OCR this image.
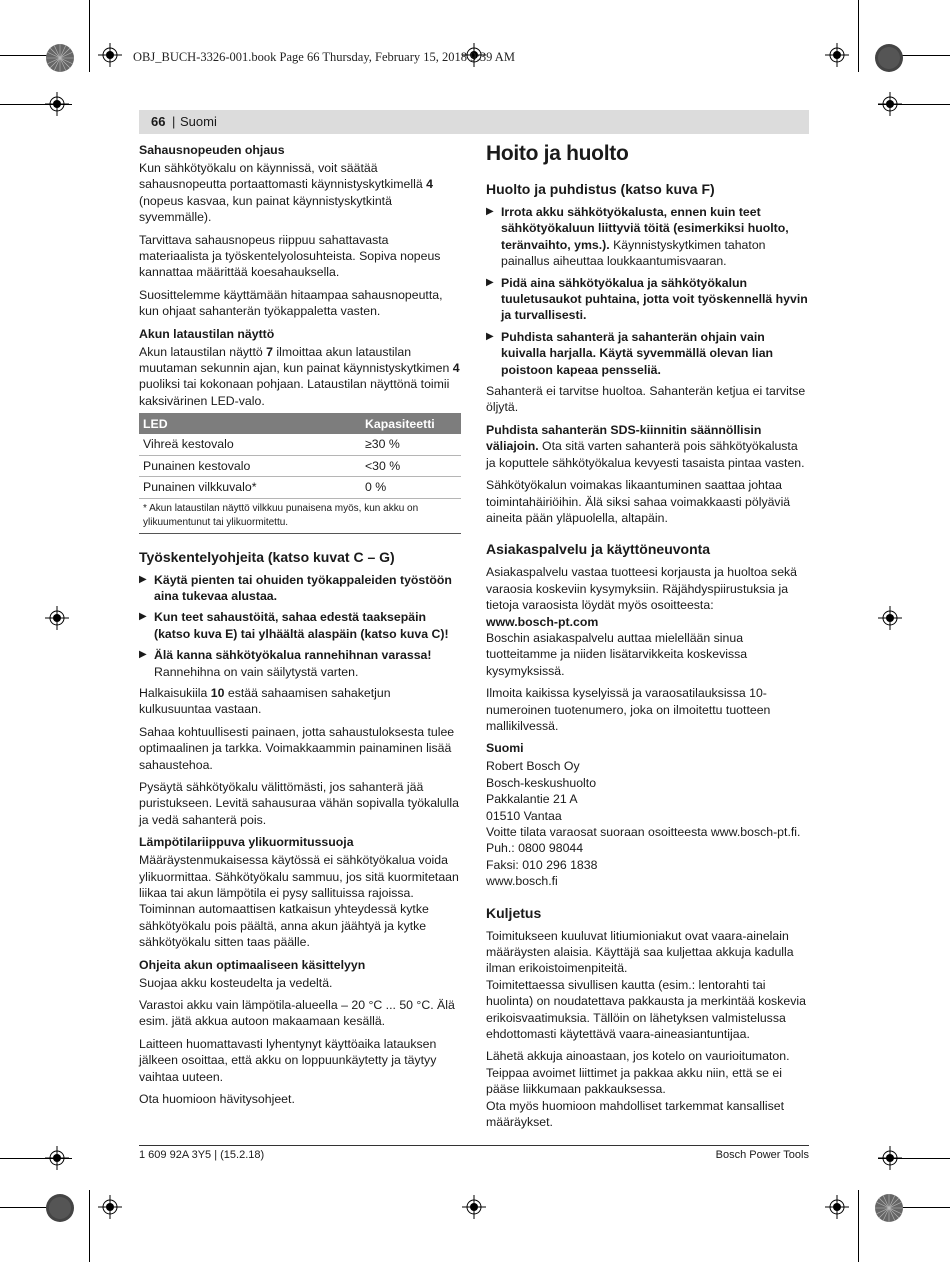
OBJ_BUCH-3326-001.book Page 66 Thursday, February 15, 2018 9:39 AM
66 | Suomi
Sahausnopeuden ohjaus

Kun sähkötyökalu on käynnissä, voit säätää sahausnopeutta portaattomasti käynnistyskytkimellä 4 (nopeus kasvaa, kun painat käynnistyskytkintä syvemmälle).

Tarvittava sahausnopeus riippuu sahattavasta materiaalista ja työskentelyolosuhteista. Sopiva nopeus kannattaa määrittää koesahauksella.

Suosittelemme käyttämään hitaampaa sahausnopeutta, kun ohjaat sahanterän työkappaletta vasten.

Akun lataustilan näyttö

Akun lataustilan näyttö 7 ilmoittaa akun lataustilan muutaman sekunnin ajan, kun painat käynnistyskytkimen 4 puoliksi tai kokonaan pohjaan. Lataustilan näyttönä toimii kaksivärinen LED-valo.

LED	Kapasiteetti
Vihreä kestovalo	≥30 %
Punainen kestovalo	<30 %
Punainen vilkkuvalo*	0 %
* Akun lataustilan näyttö vilkkuu punaisena myös, kun akku on ylikuumentunut tai ylikuormitettu.
Työskentelyohjeita (katso kuvat C – G)
▶ Käytä pienten tai ohuiden työkappaleiden työstöön aina tukevaa alustaa.
▶ Kun teet sahaustöitä, sahaa edestä taaksepäin (katso kuva E) tai ylhäältä alaspäin (katso kuva C)!
▶ Älä kanna sähkötyökalua rannehihnan varassa! Rannehihna on vain säilytystä varten.

Halkaisukiila 10 estää sahaamisen sahaketjun kulkusuuntaa vastaan.

Sahaa kohtuullisesti painaen, jotta sahaustuloksesta tulee optimaalinen ja tarkka. Voimakkaammin painaminen lisää sahaustehoa.

Pysäytä sähkötyökalu välittömästi, jos sahanterä jää puristukseen. Levitä sahausuraa vähän sopivalla työkalulla ja vedä sahanterä pois.

Lämpötilariippuva ylikuormitussuoja

Määräystenmukaisessa käytössä ei sähkötyökalua voida ylikuormittaa. Sähkötyökalu sammuu, jos sitä kuormitetaan liikaa tai akun lämpötila ei pysy sallituissa rajoissa. Toiminnan automaattisen katkaisun yhteydessä kytke sähkötyökalu pois päältä, anna akun jäähtyä ja kytke sähkötyökalu sitten taas päälle.

Ohjeita akun optimaaliseen käsittelyyn

Suojaa akku kosteudelta ja vedeltä.

Varastoi akku vain lämpötila-alueella – 20 °C ... 50 °C. Älä esim. jätä akkua autoon makaamaan kesällä.

Laitteen huomattavasti lyhentynyt käyttöaika latauksen jälkeen osoittaa, että akku on loppuunkäytetty ja täytyy vaihtaa uuteen.

Ota huomioon hävitysohjeet.

Hoito ja huolto
Huolto ja puhdistus (katso kuva F)
▶ Irrota akku sähkötyökalusta, ennen kuin teet sähkötyökaluun liittyviä töitä (esimerkiksi huolto, teränvaihto, yms.). Käynnistyskytkimen tahaton painallus aiheuttaa loukkaantumisvaaran.
▶ Pidä aina sähkötyökalua ja sähkötyökalun tuuletusaukot puhtaina, jotta voit työskennellä hyvin ja turvallisesti.
▶ Puhdista sahanterä ja sahanterän ohjain vain kuivalla harjalla. Käytä syvemmällä olevan lian poistoon kapeaa pensseliä.

Sahanterä ei tarvitse huoltoa. Sahanterän ketjua ei tarvitse öljytä.

Puhdista sahanterän SDS-kiinnitin säännöllisin väliajoin. Ota sitä varten sahanterä pois sähkötyökalusta ja koputtele sähkötyökalua kevyesti tasaista pintaa vasten.

Sähkötyökalun voimakas likaantuminen saattaa johtaa toimintahäiriöihin. Älä siksi sahaa voimakkaasti pölyäviä aineita pään yläpuolella, altapäin.

Asiakaspalvelu ja käyttöneuvonta

Asiakaspalvelu vastaa tuotteesi korjausta ja huoltoa sekä varaosia koskeviin kysymyksiin. Räjähdyspiirustuksia ja tietoja varaosista löydät myös osoitteesta:

www.bosch-pt.com

Boschin asiakaspalvelu auttaa mielellään sinua tuotteitamme ja niiden lisätarvikkeita koskevissa kysymyksissä.

Ilmoita kaikissa kyselyissä ja varaosatilauksissa 10-numeroinen tuotenumero, joka on ilmoitettu tuotteen mallikilvessä.

Suomi

Robert Bosch Oy
Bosch-keskushuolto
Pakkalantie 21 A
01510 Vantaa
Voitte tilata varaosat suoraan osoitteesta www.bosch-pt.fi.
Puh.: 0800 98044
Faksi: 010 296 1838
www.bosch.fi

Kuljetus

Toimitukseen kuuluvat litiumioniakut ovat vaara-ainelain määräysten alaisia. Käyttäjä saa kuljettaa akkuja kadulla ilman erikoistoimenpiteitä.

Toimitettaessa sivullisen kautta (esim.: lentorahti tai huolinta) on noudatettava pakkausta ja merkintää koskevia erikoisvaatimuksia. Tällöin on lähetyksen valmistelussa ehdottomasti käytettävä vaara-aineasiantuntijaa.

Lähetä akkuja ainoastaan, jos kotelo on vaurioitumaton. Teippaa avoimet liittimet ja pakkaa akku niin, että se ei pääse liikkumaan pakkauksessa.

Ota myös huomioon mahdolliset tarkemmat kansalliset määräykset.

1 609 92A 3Y5 | (15.2.18)	Bosch Power Tools
